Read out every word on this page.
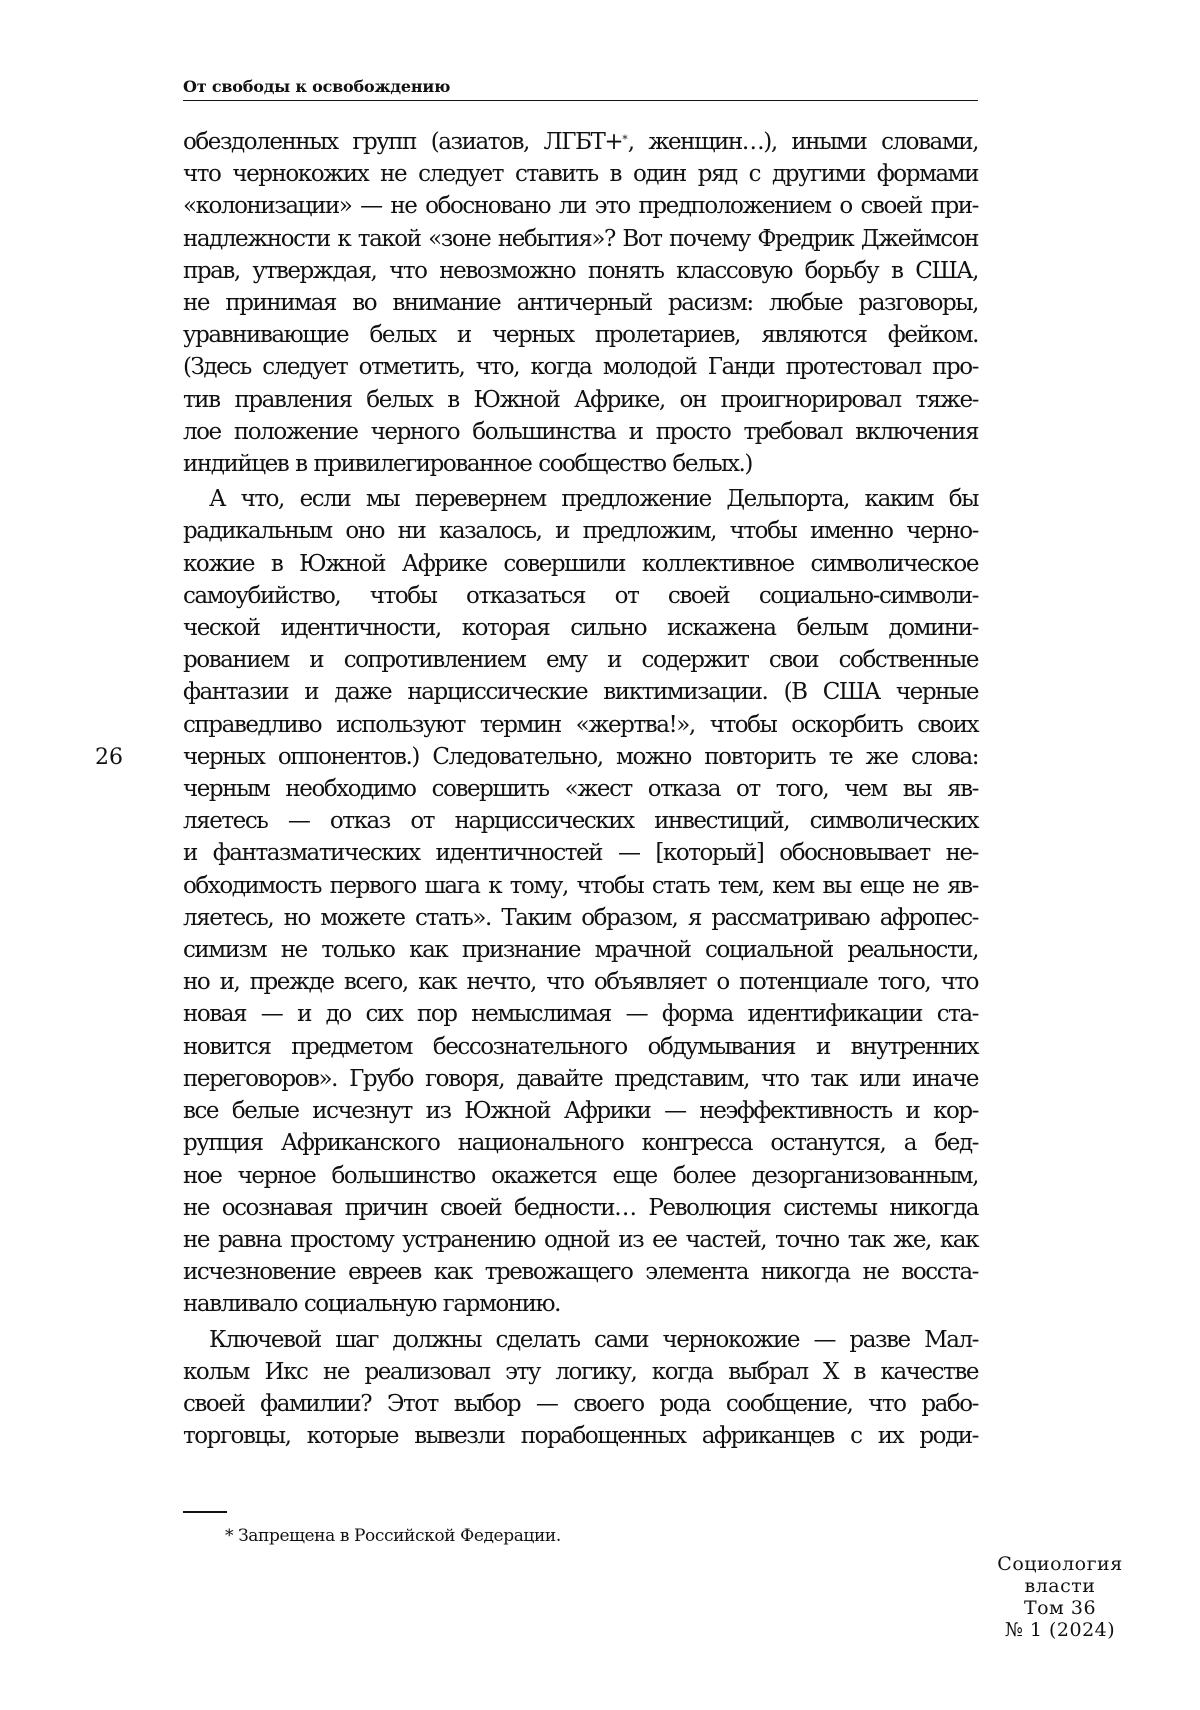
От свободы к освобождению
26

обездоленных групп (азиатов, ЛГБТ+*, женщин…), иными словами,

что чернокожих не следует ставить в один ряд с другими формами

«колонизации» — не обосновано ли это предположением о своей при-

надлежности к такой «зоне небытия»? Вот почему Фредрик Джеймсон

прав, утверждая, что невозможно понять классовую борьбу в США,

не принимая во внимание античерный расизм: любые разговоры,

уравнивающие белых и черных пролетариев, являются фейком.

(Здесь следует отметить, что, когда молодой Ганди протестовал про-

тив правления белых в Южной Африке, он проигнорировал тяже-

лое положение черного большинства и просто требовал включения

индийцев в привилегированное сообщество белых.)

А что, если мы перевернем предложение Дельпорта, каким бы

радикальным оно ни казалось, и предложим, чтобы именно черно-

кожие в Южной Африке совершили коллективное символическое

самоубийство, чтобы отказаться от своей социально-символи-

ческой идентичности, которая сильно искажена белым домини-

рованием и сопротивлением ему и содержит свои собственные

фантазии и даже нарциссические виктимизации. (В США черные

справедливо используют термин «жертва!», чтобы оскорбить своих

черных оппонентов.) Следовательно, можно повторить те же слова:

черным необходимо совершить «жест отказа от того, чем вы яв-

ляетесь — отказ от нарциссических инвестиций, символических

и фантазматических идентичностей — [который] обосновывает не-

обходимость первого шага к тому, чтобы стать тем, кем вы еще не яв-

ляетесь, но можете стать». Таким образом, я рассматриваю афропес-

симизм не только как признание мрачной социальной реальности,

но и, прежде всего, как нечто, что объявляет о потенциале того, что

новая — и до сих пор немыслимая — форма идентификации ста-

новится предметом бессознательного обдумывания и внутренних

переговоров». Грубо говоря, давайте представим, что так или иначе

все белые исчезнут из Южной Африки — неэффективность и кор-

рупция Африканского национального конгресса останутся, а бед-

ное черное большинство окажется еще более дезорганизованным,

не осознавая причин своей бедности… Революция системы никогда

не равна простому устранению одной из ее частей, точно так же, как

исчезновение евреев как тревожащего элемента никогда не восста-

навливало социальную гармонию.

Ключевой шаг должны сделать сами чернокожие — разве Мал-

кольм Икс не реализовал эту логику, когда выбрал X в качестве

своей фамилии? Этот выбор — своего рода сообщение, что рабо-

торговцы, которые вывезли порабощенных африканцев с их роди-

* Запрещена в Российской Федерации.
Социология
власти
Том 36
№ 1 (2024)
